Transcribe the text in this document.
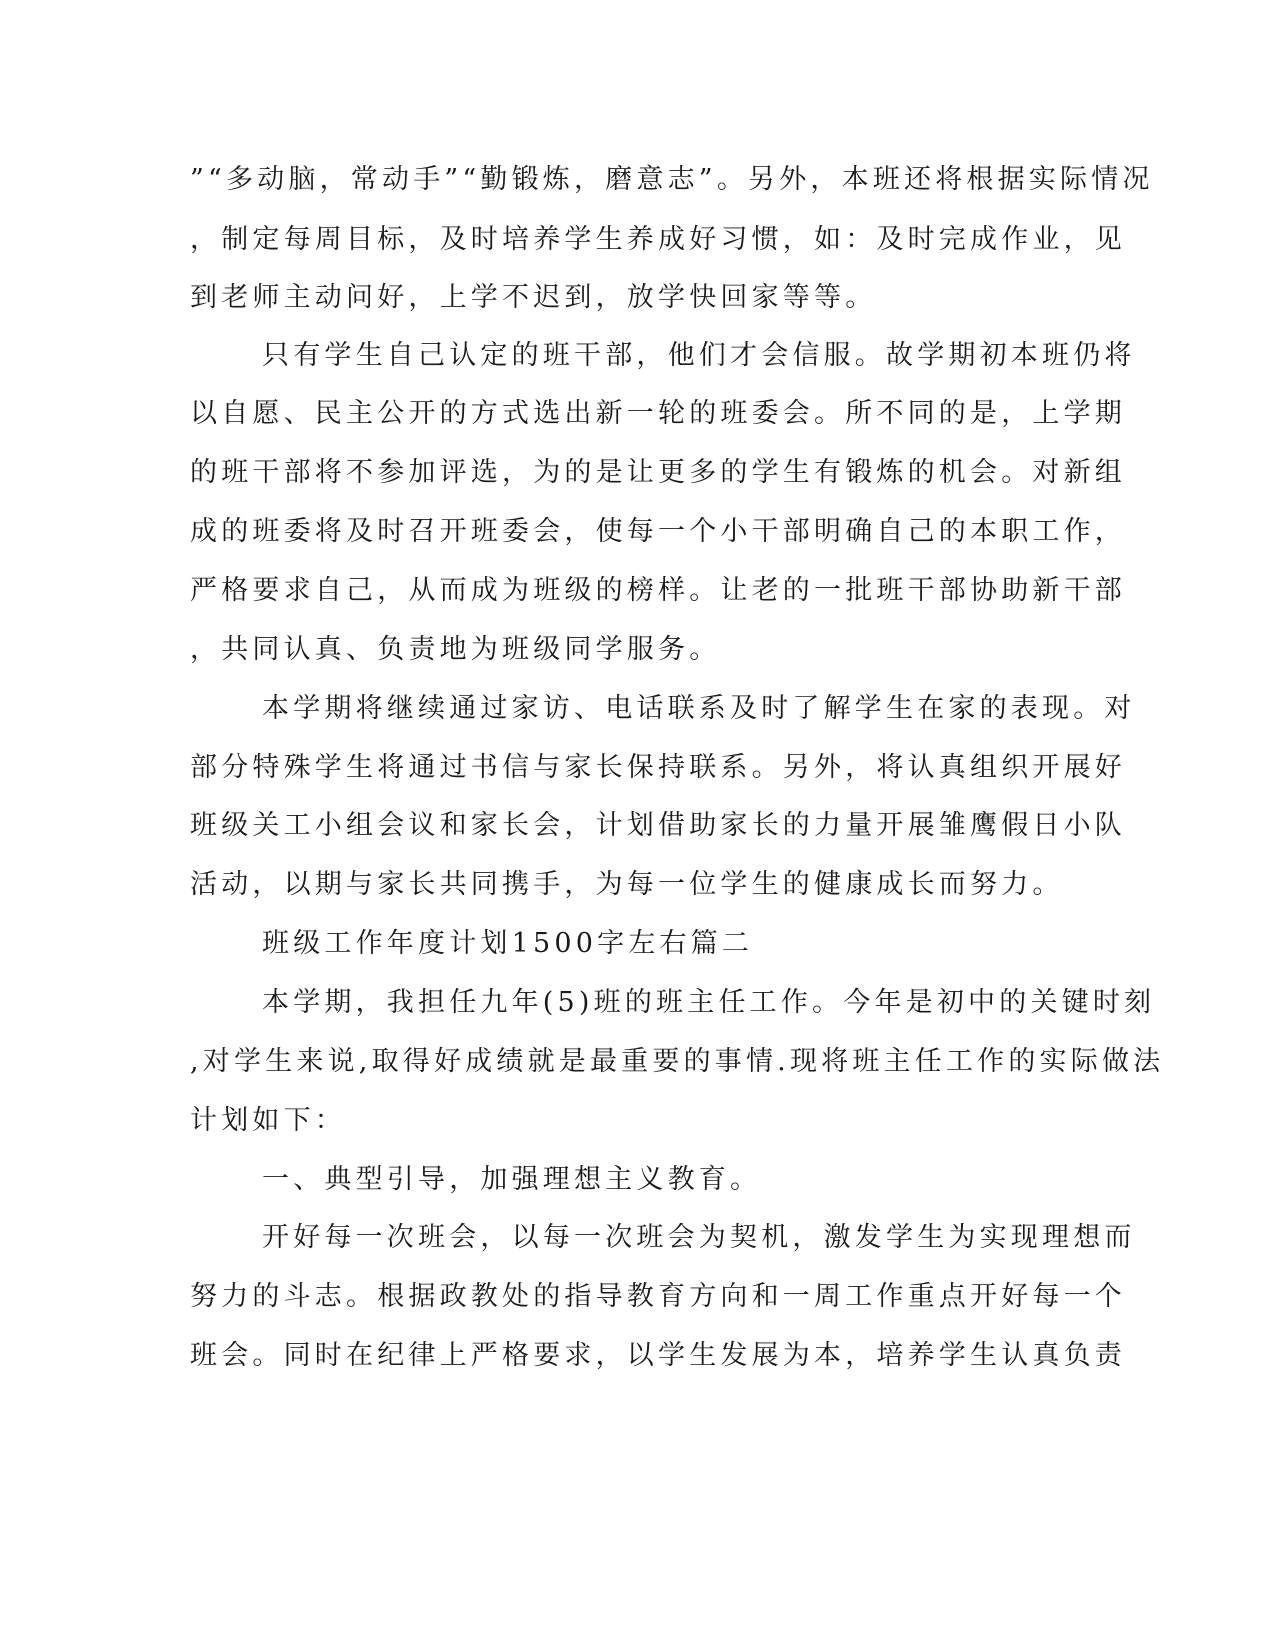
”“多动脑，常动手”“勤锻炼，磨意志”。另外，本班还将根据实际情况

，制定每周目标，及时培养学生养成好习惯，如：及时完成作业，见

到老师主动问好，上学不迟到，放学快回家等等。

只有学生自己认定的班干部，他们才会信服。故学期初本班仍将

以自愿、民主公开的方式选出新一轮的班委会。所不同的是，上学期

的班干部将不参加评选，为的是让更多的学生有锻炼的机会。对新组

成的班委将及时召开班委会，使每一个小干部明确自己的本职工作，

严格要求自己，从而成为班级的榜样。让老的一批班干部协助新干部

，共同认真、负责地为班级同学服务。

本学期将继续通过家访、电话联系及时了解学生在家的表现。对

部分特殊学生将通过书信与家长保持联系。另外，将认真组织开展好

班级关工小组会议和家长会，计划借助家长的力量开展雏鹰假日小队

活动，以期与家长共同携手，为每一位学生的健康成长而努力。

班级工作年度计划1500字左右篇二

本学期，我担任九年(5)班的班主任工作。今年是初中的关键时刻

,对学生来说,取得好成绩就是最重要的事情.现将班主任工作的实际做法

计划如下：

一、典型引导，加强理想主义教育。

开好每一次班会，以每一次班会为契机，激发学生为实现理想而

努力的斗志。根据政教处的指导教育方向和一周工作重点开好每一个

班会。同时在纪律上严格要求，以学生发展为本，培养学生认真负责
